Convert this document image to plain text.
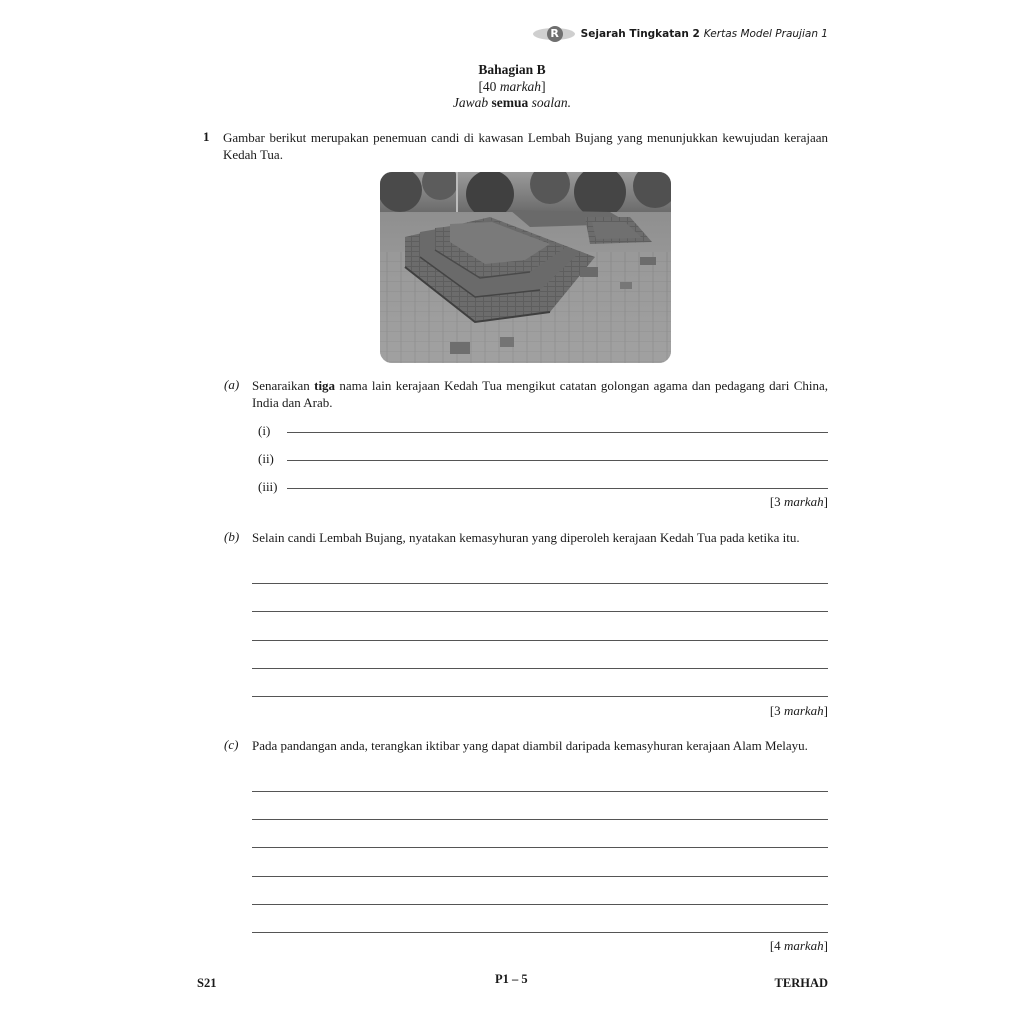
R	Sejarah Tingkatan 2 Kertas Model Praujian 1
Bahagian B
[40 markah]
Jawab semua soalan.
1 Gambar berikut merupakan penemuan candi di kawasan Lembah Bujang yang menunjukkan kewujudan kerajaan Kedah Tua.
(a) Senaraikan tiga nama lain kerajaan Kedah Tua mengikut catatan golongan agama dan pedagang dari China, India dan Arab.
(i)
(ii)
(iii)
[3 markah]
(b) Selain candi Lembah Bujang, nyatakan kemasyhuran yang diperoleh kerajaan Kedah Tua pada ketika itu.
[3 markah]
(c) Pada pandangan anda, terangkan iktibar yang dapat diambil daripada kemasyhuran kerajaan Alam Melayu.
[4 markah]
S21	P1 – 5	TERHAD
